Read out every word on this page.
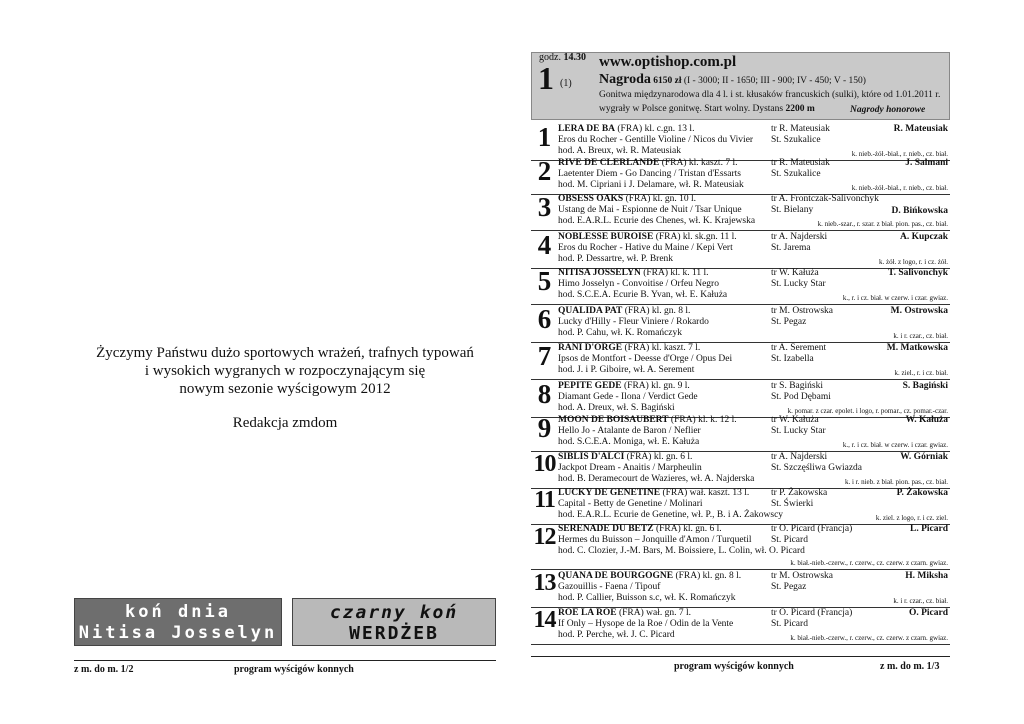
Życzymy Państwu dużo sportowych wrażeń, trafnych typowań
i wysokich wygranych w rozpoczynającym się
nowym sezonie wyścigowym 2012
Redakcja zmdom
koń dnia
Nitisa Josselyn
czarny koń
WERDŻEB
z m. do m. 1/2	program wyścigów konnych
godz. 14.30
1 (1)
www.optishop.com.pl
Nagroda 6150 zł (I - 3000; II - 1650; III - 900; IV - 450; V - 150)
Gonitwa międzynarodowa dla 4 l. i st. kłusaków francuskich (sulki), które od 1.01.2011 r.
wygrały w Polsce gonitwę. Start wolny. Dystans 2200 m	Nagrody honorowe
1 LERA DE BA (FRA) kl. c.gn. 13 l.
Eros du Rocher - Gentille Violine / Nicos du Vivier
hod. A. Breux, wł. R. Mateusiak
tr R. Mateusiak
St. Szukalice
R. Mateusiak
k. nieb.-żół.-biał., r. nieb., cz. biał.
2 RIVE DE CLERLANDE (FRA) kl. kaszt. 7 l.
Laetenter Diem - Go Dancing / Tristan d'Essarts
hod. M. Cipriani i J. Delamare, wł. R. Mateusiak
tr R. Mateusiak
St. Szukalice
J. Salmani
k. nieb.-żół.-biał., r. nieb., cz. biał.
3 OBSESS OAKS (FRA) kl. gn. 10 l.
Ustang de Mai - Espionne de Nuit / Tsar Unique
hod. E.A.R.L. Ecurie des Chenes, wł. K. Krajewska
tr A. Frontczak-Salivonchyk
St. Bielany	D. Bińkowska
k. nieb.-szar., r. szar. z biał. pion. pas., cz. biał.
4 NOBLESSE BUROISE (FRA) kl. sk.gn. 11 l.
Eros du Rocher - Hative du Maine / Kepi Vert
hod. P. Dessartre, wł. P. Brenk
tr A. Najderski
St. Jarema
A. Kupczak
k. żół. z logo, r. i cz. żół.
5 NITISA JOSSELYN (FRA) kl. k. 11 l.
Himo Josselyn - Convoitise / Orfeu Negro
hod. S.C.E.A. Ecurie B. Yvan, wł. E. Kałuża
tr W. Kałuża
St. Lucky Star
T. Salivonchyk
k., r. i cz. biał. w czerw. i czar. gwiaz.
6 QUALIDA PAT (FRA) kl. gn. 8 l.
Lucky d'Hilly - Fleur Viniere / Rokardo
hod. P. Cahu, wł. K. Romańczyk
tr M. Ostrowska
St. Pegaz
M. Ostrowska
k. i r. czar., cz. biał.
7 RANI D'ORGE (FRA) kl. kaszt. 7 l.
Ipsos de Montfort - Deesse d'Orge / Opus Dei
hod. J. i P. Giboire, wł. A. Serement
tr A. Serement
St. Izabella
M. Matkowska
k. ziel., r. i cz. biał.
8 PEPITE GEDE (FRA) kl. gn. 9 l.
Diamant Gede - Ilona / Verdict Gede
hod. A. Dreux, wł. S. Bagiński
tr S. Bagiński
St. Pod Dębami
S. Bagiński
k. pomar. z czar. epolet. i logo, r. pomar., cz. pomar.-czar.
9 MOON DE BOISAUBERT (FRA) kl. k. 12 l.
Hello Jo - Atalante de Baron / Neflier
hod. S.C.E.A. Moniga, wł. E. Kałuża
tr W. Kałuża
St. Lucky Star
W. Kałuża
k., r. i cz. biał. w czerw. i czar. gwiaz.
10 SIBLIS D'ALCI (FRA) kl. gn. 6 l.
Jackpot Dream - Anaitis / Marpheulin
hod. B. Deramecourt de Wazieres, wł. A. Najderska
tr A. Najderski
St. Szczęśliwa Gwiazda
W. Górniak
k. i r. nieb. z biał. pion. pas., cz. biał.
11 LUCKY DE GENETINE (FRA) wał. kaszt. 13 l.
Capital - Betty de Genetine / Molinari
hod. E.A.R.L. Ecurie de Genetine, wł. P., B. i A. Żakowscy
tr P. Żakowska
St. Świerki
P. Żakowska
k. ziel. z logo, r. i cz. ziel.
12 SERENADE DU BETZ (FRA) kl. gn. 6 l.
Hermes du Buisson – Jonquille d'Amon / Turquetil
hod. C. Clozier, J.-M. Bars, M. Boissiere, L. Colin, wł. O. Picard
tr O. Picard (Francja)
St. Picard
L. Picard
k. biał.-nieb.-czerw., r. czerw., cz. czerw. z czarn. gwiaz.
13 QUANA DE BOURGOGNE (FRA) kl. gn. 8 l.
Gazouillis - Faena / Tipouf
hod. P. Callier, Buisson s.c, wł. K. Romańczyk
tr M. Ostrowska
St. Pegaz
H. Miksha
k. i r. czar., cz. biał.
14 ROE LA ROE (FRA) wał. gn. 7 l.
If Only – Hysope de la Roe / Odin de la Vente
hod. P. Perche, wł. J. C. Picard
tr O. Picard (Francja)
St. Picard
O. Picard
k. biał.-nieb.-czerw., r. czerw., cz. czerw. z czarn. gwiaz.
program wyścigów konnych	z m. do m. 1/3
